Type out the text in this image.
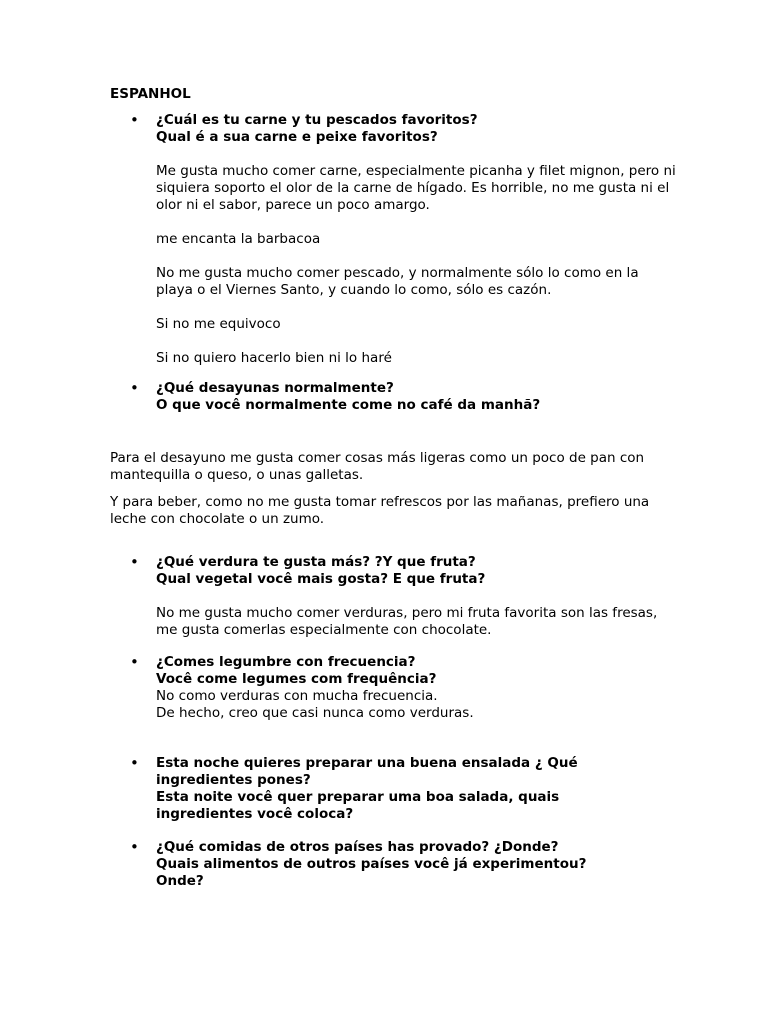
ESPANHOL
• ¿Cuál es tu carne y tu pescados favoritos?
Qual é a sua carne e peixe favoritos?

Me gusta mucho comer carne, especialmente picanha y filet mignon, pero ni siquiera soporto el olor de la carne de hígado. Es horrible, no me gusta ni el olor ni el sabor, parece un poco amargo.

me encanta la barbacoa

No me gusta mucho comer pescado, y normalmente sólo lo como en la playa o el Viernes Santo, y cuando lo como, sólo es cazón.

Si no me equivoco

Si no quiero hacerlo bien ni lo haré

• ¿Qué desayunas normalmente?
O que você normalmente come no café da manhã?

Para el desayuno me gusta comer cosas más ligeras como un poco de pan con mantequilla o queso, o unas galletas.

Y para beber, como no me gusta tomar refrescos por las mañanas, prefiero una leche con chocolate o un zumo.

• ¿Qué verdura te gusta más? ?Y que fruta?
Qual vegetal você mais gosta? E que fruta?

No me gusta mucho comer verduras, pero mi fruta favorita son las fresas, me gusta comerlas especialmente con chocolate.

• ¿Comes legumbre con frecuencia?
Você come legumes com frequência?
No como verduras con mucha frecuencia.
De hecho, creo que casi nunca como verduras.
• Esta noche quieres preparar una buena ensalada ¿ Qué ingredientes pones?
Esta noite você quer preparar uma boa salada, quais ingredientes você coloca?
• ¿Qué comidas de otros países has provado? ¿Donde?
Quais alimentos de outros países você já experimentou? Onde?
